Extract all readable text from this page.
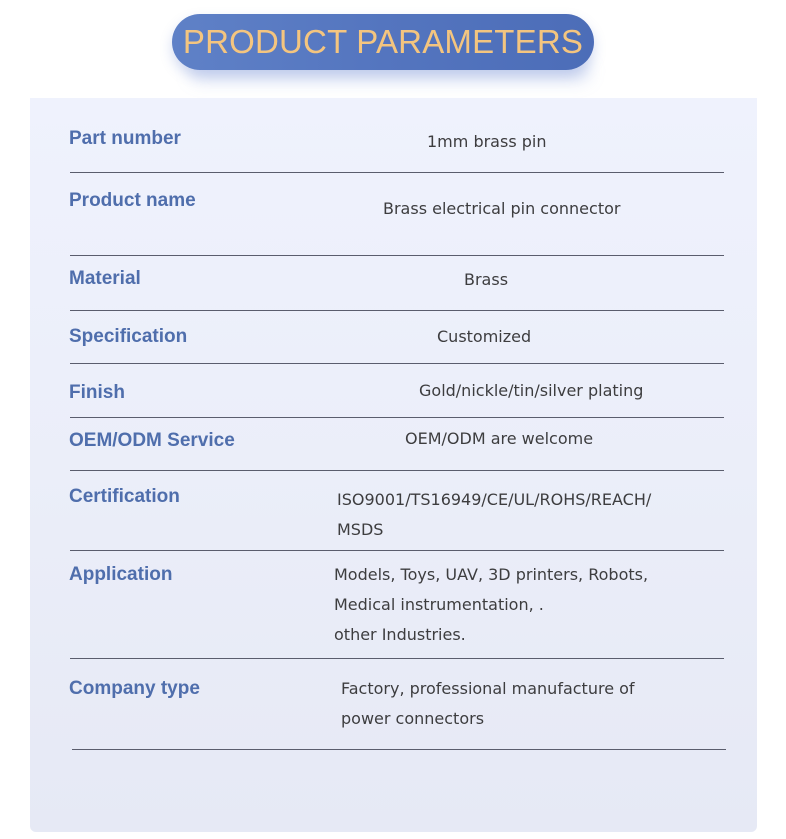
PRODUCT PARAMETERS
Part number	1mm brass pin
Product name	Brass electrical pin connector
Material	Brass
Specification	Customized
Finish	Gold/nickle/tin/silver plating
OEM/ODM Service	OEM/ODM are welcome
Certification	ISO9001/TS16949/CE/UL/ROHS/REACH/
MSDS
Application	Models, Toys, UAV, 3D printers, Robots,
Medical instrumentation, .
other Industries.
Company type	Factory, professional manufacture of
power connectors
